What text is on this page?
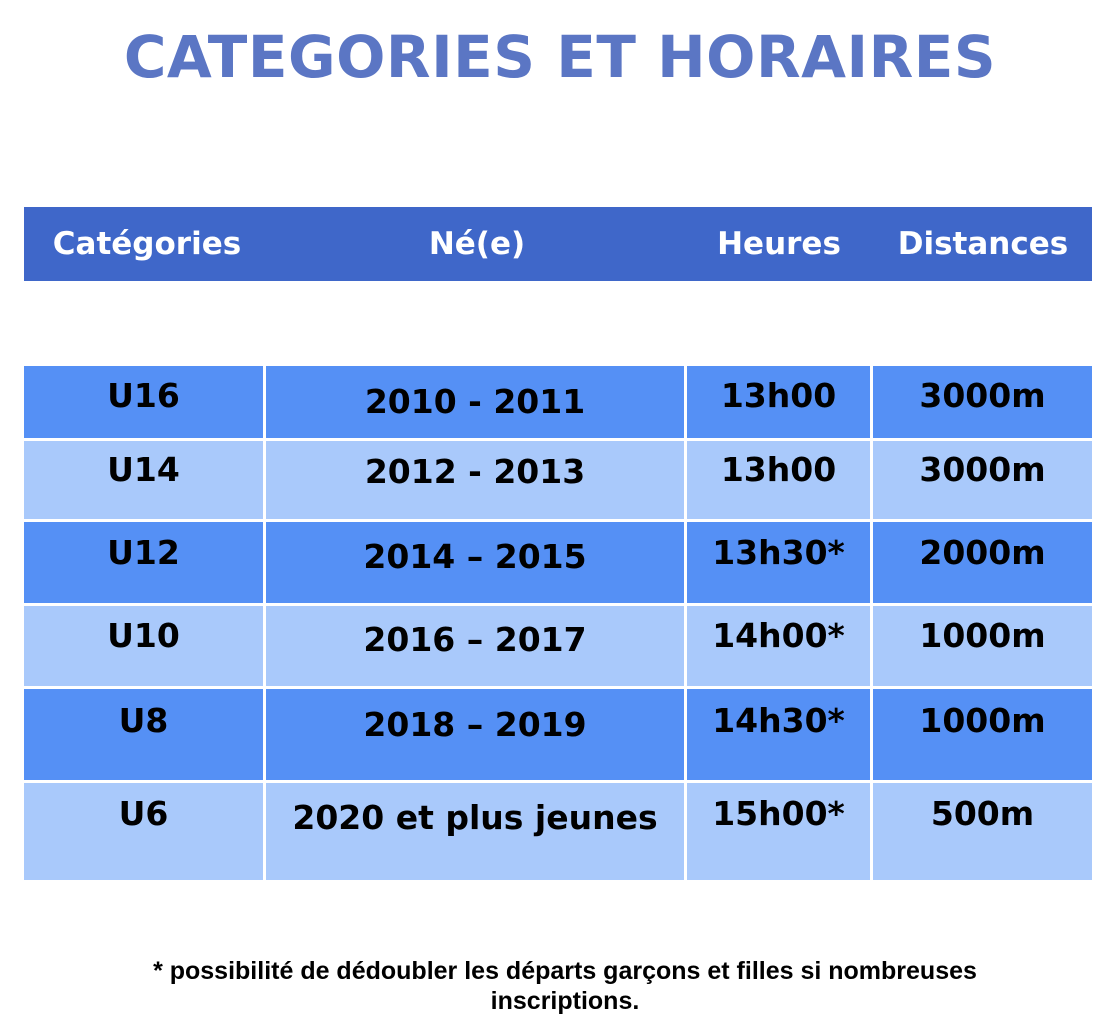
CATEGORIES ET HORAIRES
Catégories	Né(e)	Heures	Distances
U16	2010 - 2011	13h00	3000m
U14	2012 - 2013	13h00	3000m
U12	2014 – 2015	13h30*	2000m
U10	2016 – 2017	14h00*	1000m
U8	2018 – 2019	14h30*	1000m
U6	2020 et plus jeunes	15h00*	500m
* possibilité de dédoubler les départs garçons et filles si nombreuses
inscriptions.
